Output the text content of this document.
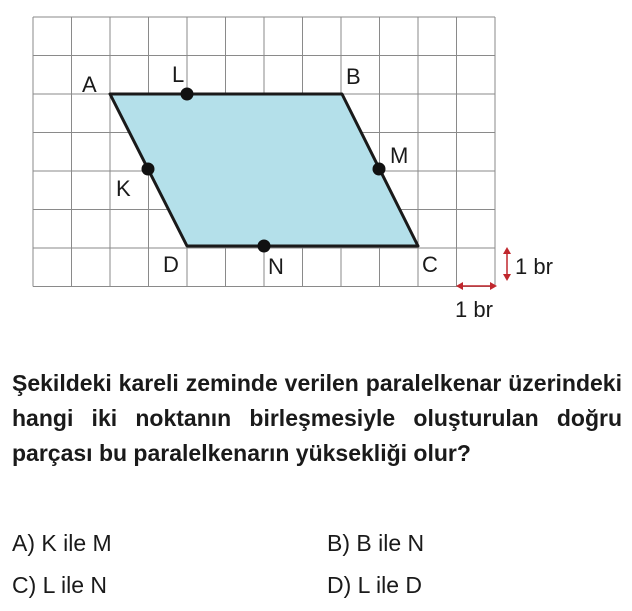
A	B
C
D
L
K
M
N	1 br
1 br

Şekildeki kareli zeminde verilen paralelkenar üzerindeki hangi iki noktanın birleşmesiyle oluşturulan doğru parçası bu paralelkenarın yüksekliği olur?

A) K ile M	B) B ile N

C) L ile N	D) L ile D
